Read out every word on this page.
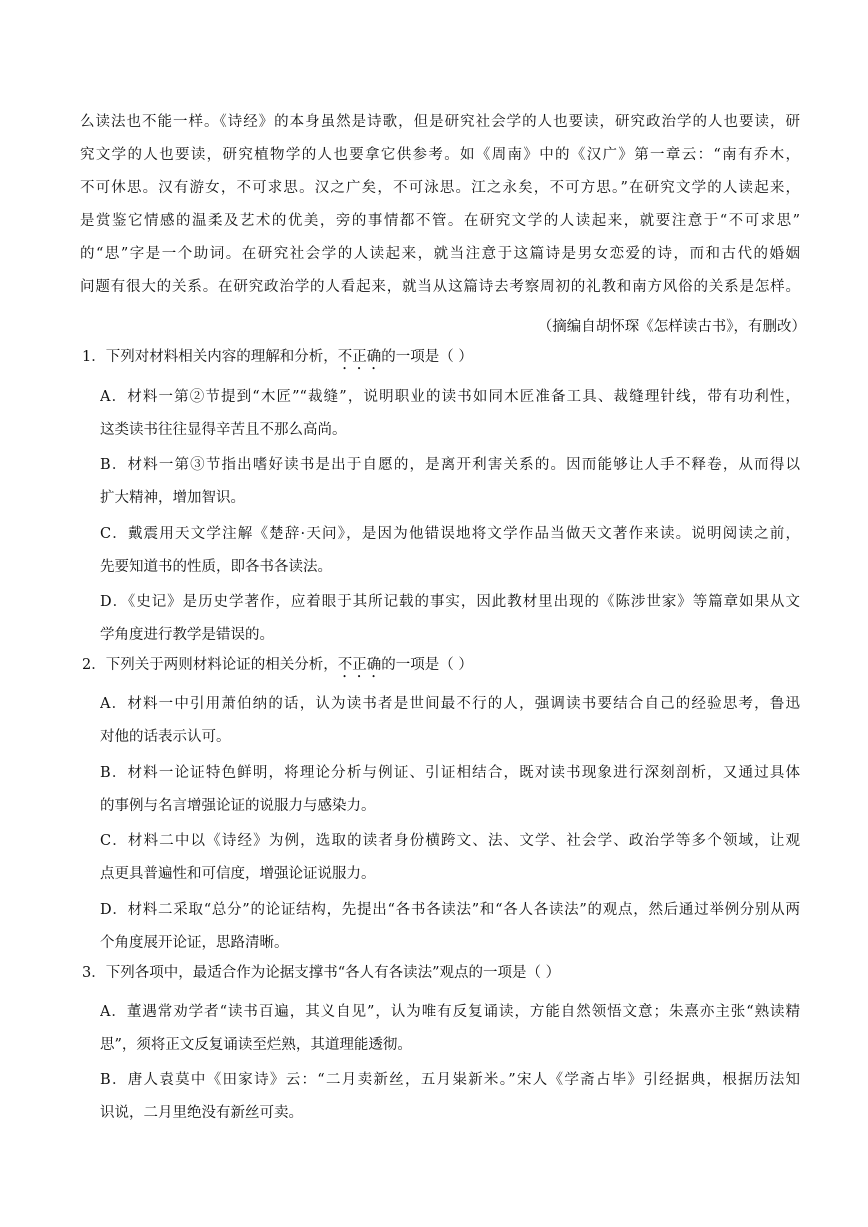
么读法也不能一样。《诗经》的本身虽然是诗歌，但是研究社会学的人也要读，研究政治学的人也要读，研
究文学的人也要读，研究植物学的人也要拿它供参考。如《周南》中的《汉广》第一章云：“南有乔木，
不可休思。汉有游女，不可求思。汉之广矣，不可泳思。江之永矣，不可方思。”在研究文学的人读起来，
是赏鉴它情感的温柔及艺术的优美，旁的事情都不管。在研究文学的人读起来，就要注意于“不可求思”
的“思”字是一个助词。在研究社会学的人读起来，就当注意于这篇诗是男女恋爱的诗，而和古代的婚姻
问题有很大的关系。在研究政治学的人看起来，就当从这篇诗去考察周初的礼教和南方风俗的关系是怎样。
（摘编自胡怀琛《怎样读古书》，有删改）
1．下列对材料相关内容的理解和分析，不正确的一项是（ ）
A．材料一第②节提到“木匠”“裁缝”，说明职业的读书如同木匠准备工具、裁缝理针线，带有功利性，
这类读书往往显得辛苦且不那么高尚。
B．材料一第③节指出嗜好读书是出于自愿的，是离开利害关系的。因而能够让人手不释卷，从而得以
扩大精神，增加智识。
C．戴震用天文学注解《楚辞·天问》，是因为他错误地将文学作品当做天文著作来读。说明阅读之前，
先要知道书的性质，即各书各读法。
D．《史记》是历史学著作，应着眼于其所记载的事实，因此教材里出现的《陈涉世家》等篇章如果从文
学角度进行教学是错误的。
2．下列关于两则材料论证的相关分析，不正确的一项是（ ）
A．材料一中引用萧伯纳的话，认为读书者是世间最不行的人，强调读书要结合自己的经验思考，鲁迅
对他的话表示认可。
B．材料一论证特色鲜明，将理论分析与例证、引证相结合，既对读书现象进行深刻剖析，又通过具体
的事例与名言增强论证的说服力与感染力。
C．材料二中以《诗经》为例，选取的读者身份横跨文、法、文学、社会学、政治学等多个领域，让观
点更具普遍性和可信度，增强论证说服力。
D．材料二采取“总分”的论证结构，先提出“各书各读法”和“各人各读法”的观点，然后通过举例分别从两
个角度展开论证，思路清晰。
3．下列各项中，最适合作为论据支撑书“各人有各读法”观点的一项是（ ）
A．董遇常劝学者“读书百遍，其义自见”，认为唯有反复诵读，方能自然领悟文意；朱熹亦主张“熟读精
思”，须将正文反复诵读至烂熟，其道理能透彻。
B．唐人袁莫中《田家诗》云：“二月卖新丝，五月粜新米。”宋人《学斋占毕》引经据典，根据历法知
识说，二月里绝没有新丝可卖。
